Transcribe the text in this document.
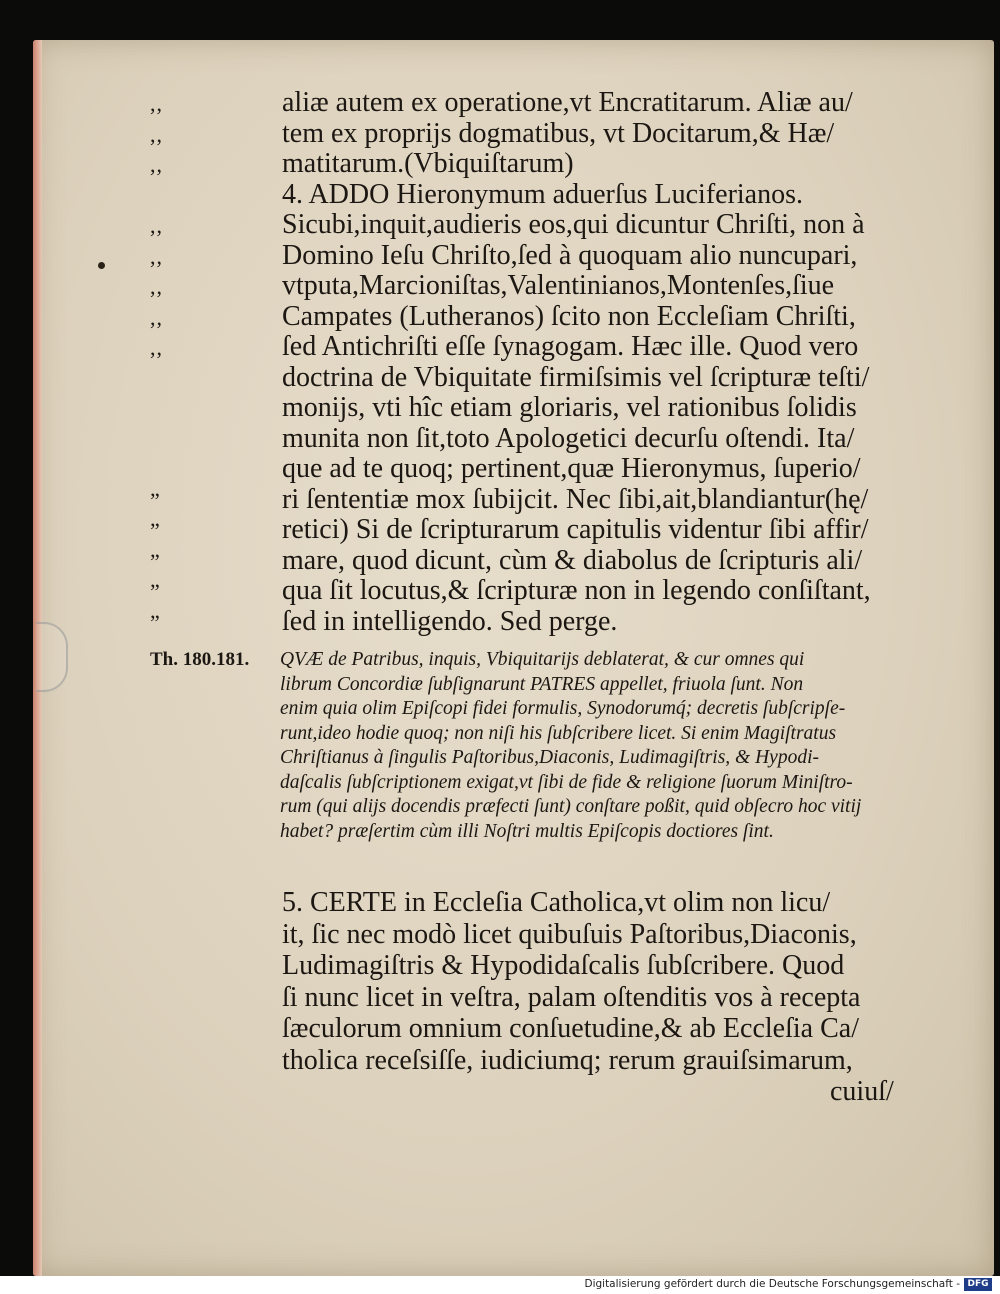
,,	aliæ autem ex operatione,vt Encratitarum. Aliæ au/
,,	tem ex proprijs dogmatibus, vt Docitarum,& Hæ/
,,	matitarum.(Vbiquiſtarum)
4. ADDO Hieronymum aduerſus Luciferianos.
,,	Sicubi,inquit,audieris eos,qui dicuntur Chriſti, non à
,,	Domino Ieſu Chriſto,ſed à quoquam alio nuncupari,
,,	vtputa,Marcioniſtas,Valentinianos,Montenſes,ſiue
,,	Campates (Lutheranos) ſcito non Eccleſiam Chriſti,
,,	ſed Antichriſti eſſe ſynagogam. Hæc ille. Quod vero
doctrina de Vbiquitate firmiſsimis vel ſcripturæ teſti/
monijs, vti hîc etiam gloriaris, vel rationibus ſolidis
munita non ſit,toto Apologetici decurſu oſtendi. Ita/
que ad te quoq; pertinent,quæ Hieronymus, ſuperio/
”	ri ſententiæ mox ſubijcit. Nec ſibi,ait,blandiantur(hę/
”	retici) Si de ſcripturarum capitulis videntur ſibi affir/
”	mare, quod dicunt, cùm & diabolus de ſcripturis ali/
”	qua ſit locutus,& ſcripturæ non in legendo conſiſtant,
”	ſed in intelligendo. Sed perge.
Th. 180.181. QVÆ de Patribus, inquis, Vbiquitarijs deblaterat, & cur omnes qui
librum Concordiæ ſubſignarunt PATRES appellet, friuola ſunt. Non
enim quia olim Epiſcopi fidei formulis, Synodorumq́; decretis ſubſcripſe-
runt,ideo hodie quoq; non niſi his ſubſcribere licet. Si enim Magiſtratus
Chriſtianus à ſingulis Paſtoribus,Diaconis, Ludimagiſtris, & Hypodi-
daſcalis ſubſcriptionem exigat,vt ſibi de fide & religione ſuorum Miniſtro-
rum (qui alijs docendis præfecti ſunt) conſtare poßit, quid obſecro hoc vitij
habet? præſertim cùm illi Noſtri multis Epiſcopis doctiores ſint.
5. CERTE in Eccleſia Catholica,vt olim non licu/
it, ſic nec modò licet quibuſuis Paſtoribus,Diaconis,
Ludimagiſtris & Hypodidaſcalis ſubſcribere. Quod
ſi nunc licet in veſtra, palam oſtenditis vos à recepta
ſæculorum omnium conſuetudine,& ab Eccleſia Ca/
tholica receſsiſſe, iudiciumq; rerum grauiſsimarum,
cuiuſ/
Digitalisierung gefördert durch die Deutsche Forschungsgemeinschaft - DFG
